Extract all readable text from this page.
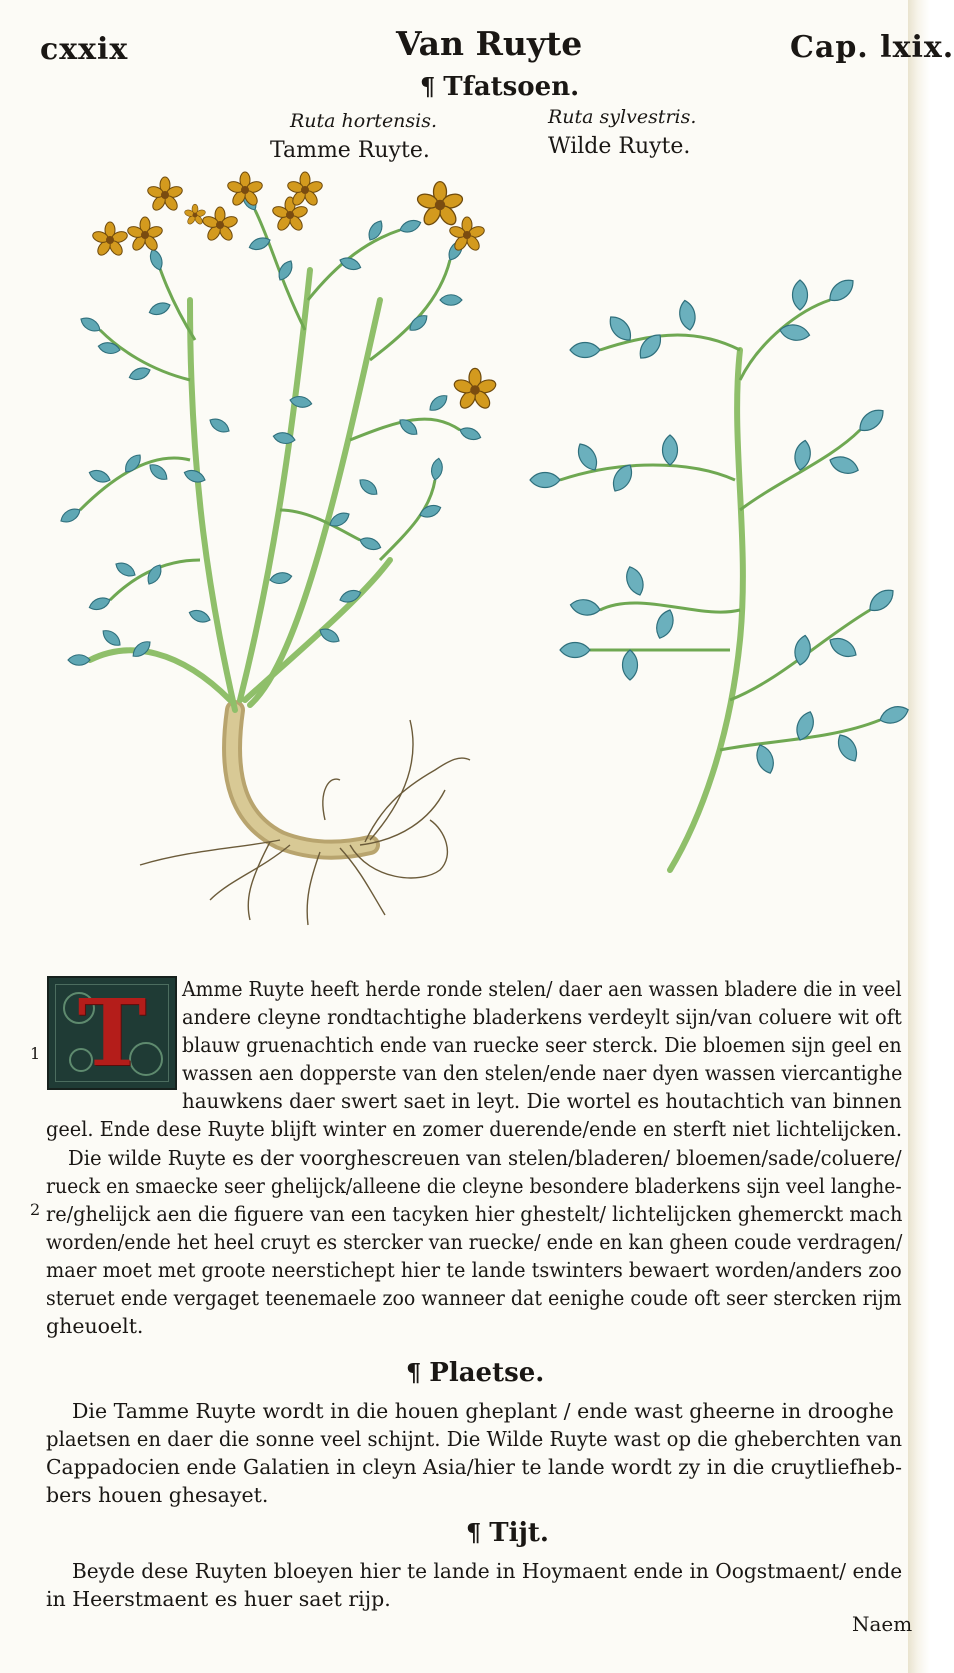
cxxix	Van Ruyte	Cap. lxix.
¶ Tfatsoen.
Ruta hortensis.	Ruta sylvestris.
Tamme Ruyte.	Wilde Ruyte.
T
1
2
Amme Ruyte heeft herde ronde stelen/ daer aen wassen bladere die in veel
andere cleyne rondtachtighe bladerkens verdeylt sijn/van coluere wit oft
blauw gruenachtich ende van ruecke seer sterck. Die bloemen sijn geel en
wassen aen dopperste van den stelen/ende naer dyen wassen viercantighe
hauwkens daer swert saet in leyt. Die wortel es houtachtich van binnen
geel. Ende dese Ruyte blijft winter en zomer duerende/ende en sterft niet lichtelijcken.
Die wilde Ruyte es der voorghescreuen van stelen/bladeren/ bloemen/sade/coluere/
rueck en smaecke seer ghelijck/alleene die cleyne besondere bladerkens sijn veel langhe-
re/ghelijck aen die figuere van een tacyken hier ghestelt/ lichtelijcken ghemerckt mach
worden/ende het heel cruyt es stercker van ruecke/ ende en kan gheen coude verdragen/
maer moet met groote neerstichept hier te lande tswinters bewaert worden/anders zoo
steruet ende vergaget teenemaele zoo wanneer dat eenighe coude oft seer stercken rijm
gheuoelt.
¶ Plaetse.
Die Tamme Ruyte wordt in die houen gheplant / ende wast gheerne in drooghe
plaetsen en daer die sonne veel schijnt. Die Wilde Ruyte wast op die gheberchten van
Cappadocien ende Galatien in cleyn Asia/hier te lande wordt zy in die cruytliefheb-
bers houen ghesayet.
¶ Tijt.
Beyde dese Ruyten bloeyen hier te lande in Hoymaent ende in Oogstmaent/ ende
in Heerstmaent es huer saet rijp.
Naem
